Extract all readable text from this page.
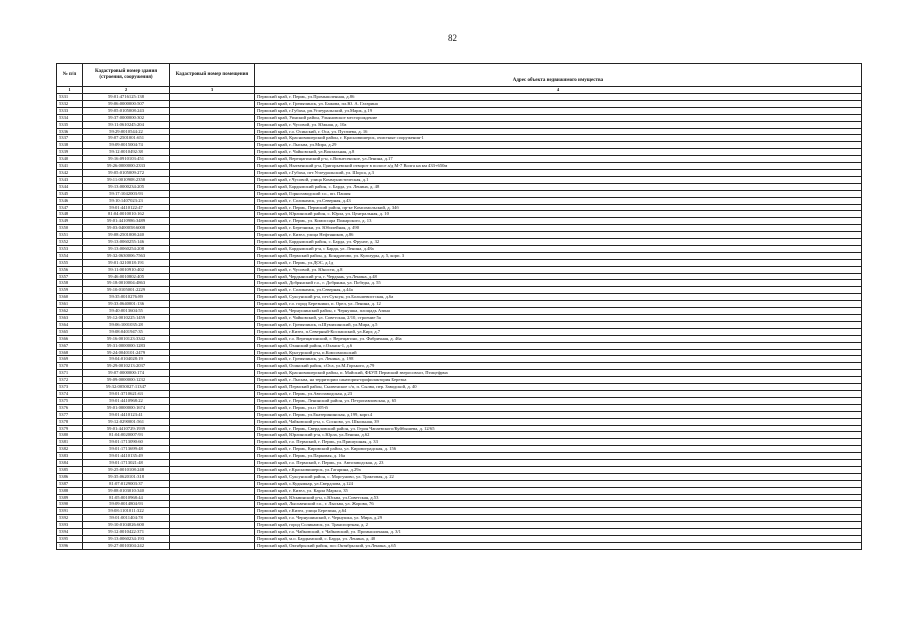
82
№ п/п	Кадастровый номер здания (строения, сооружения)	Кадастровый номер помещения	Адрес объекта недвижимого имущества
1	2	3	4
5331	59:01:4716125:138		Пермский край, г. Пермь, ул.Промышленная, д.86
5332	59:06:0000000:507		Пермский край, г. Гремячинск, ул. Бажова, пл.Ю. А. Гагарина
5333	59:05:0105008:243		Пермский край, г.Губаха, рп.Углеуральский, ул.Марж, д.19
5334	59:37:0000000:302		Пермский край, Уинский район, Ульяновское месторождение
5335	59:11:0610245:204		Пермский край, г. Чусовой, ул. Южная, д. 10а
5336	59:29:0010544:22		Пермский край, г.о. Осинский, г. Оса, ул. Пугачева, д. 16
5337	59:07:2501001:651		Пермский край, Красновишерский район, г. Красновишерск, очистные сооружения-1
5338	59:09:0015004:74		Пермский край, г. Лысьва, ул.Мира, д.29
5339	59:12:0010492:38		Пермский край, г. Чайковский, ул.Вокзальная, д.8
5340	59:16:0910103:451		Пермский край, Верещагинский р-н, с.Вознесенское, ул.Ленина, д.17
5341	59:26:0000000:2333		Пермский край, Нытвенский р-н, Григорьевский отворот в полосе а/д М-7 Волга на км 433+650м
5342	59:05:0105009:272		Пермский край, г.Губаха, пгт.Углеуральский, ул. Шорса, д.3
5343	59:11:0010908:2358		Пермский край, г.Чусовой, улица Коммунистическая, д.1
5344	59:13:0000234:205		Пермский край, Бардымский район, с. Барда, ул. Ленина, д. 48
5345	59:17:1042003:93		Пермский край, Горнозаводский г.о., пп. Пашия
5346	59:10:1407023:23		Пермский край, г. Соликамск, ул.Северная, д.43
5347	59:01:4410122:47		Пермский край, г. Пермь, Пермский район, пр-кт Комсомольский, д. 34б
5348	81:04:0010010:162		Пермский край, Юрлинский район, с. Юрла, ул. Центральная, д. 10
5349	59:01:4410986:3489		Пермский край, г. Пермь, ул. Комиссара Пожарского, д. 13
5350	59:03:0400058:6008		Пермский край, г. Березники, ул. Юбилейная, д. 490
5351	59:08:2501008:240		Пермский край, г. Кизел, улица Нефтяников, д.86
5352	59:13:0060255:146		Пермский край, Бардымский район, с. Барда, ул. Фрунзе, д. 32
5353	59:13:0060254:208		Пермский край, Бардымский р-н, с Барда, ул. Ленина, д.48а
5354	59:32:0630006:7563		Пермский край, Пермский район, д. Кондратово, ул. Культуры, д. 5, корп. 3
5355	59:01:3210018:191		Пермский край, г. Пермь, ул.ДОС, д.1д
5356	59:11:0010910:402		Пермский край, г. Чусовой, ул. Юности, д.8
5357	59:46:0010802:405		Пермский край, Чердынский р-н, г. Чердынь, ул.Ленина, д.48
5358	59:18:0010004:4863		Пермский край, Добрянский г.о., г. Добрянка, ул. Победы, д. 55
5359	59:10:0105001:2229		Пермский край, г. Соликамск, ул.Северная, д.44а
5360	59:35:0010276:89		Пермский край, Суксунский р-н, пгт.Суксун, ул.Большевистская, д.6а
5361	59:33:0640001:136		Пермский край, г.о. город Березники, п. Орел, ул. Ленина, д. 12
5362	59:40:0013604:55		Пермский край, Чернушинский район, г. Чернушка, площадь Азина
5363	59:12:0010225:1459		Пермский край, г. Чайковский, ул. Советская, 2/10, строение 5а
5364	59:06:1001035:28		Пермский край, г. Гремячинск, п.Шумихинский, ул.Мира, д.5
5365	59:08:0401947:35		Пермский край, г.Кизел, п.Северный-Коспашский, ул.Кирг, д.7
5366	59:16:0010123:3342		Пермский край, г.о. Верещагинский, г. Верещагино, ул. Фабричная, д. 46а
5367	59:31:0000000:1283		Пермский край, Оханский район, г.Оханск-1, д.6
5368	59:24:0040101:2479		Пермский край, Кунгурский р-н, п.Комсомольский
5369	59:04:0104028:19		Пермский край, г. Гремячинск, ул. Ленина, д. 198
5370	59:29:0010213:2037		Пермский край, Осинский район, г.Оса, ул.М.Горького, д.79
5371	59:07:0000000:174		Пермский край, Красновишерский район, п. Майский, ФБУП Пермский зверосовхоз, Птицефрма
5372	59:09:0000000:1232		Пермский край, г. Лысьва, на территории санатория-профилактория Березка
5373	59:32:0050027:11347		Пермский край, Пермский район, Сылвенское с/п, п. Сылва, пер. Заводской, д. 40
5374	59:01:3710621:63		Пермский край, г. Пермь, ул.Автозаводская, д.23
5375	59:01:4410968:22		Пермский край, г. Пермь, Ленинский район, ул. Петропавловская, д. 65
5376	59:01:0000000:1674		Пермский край, г. Пермь, ул.п 105-й
5377	59:01:4410123:41		Пермский край, г. Пермь, ул.Екатерининская, д.199, корп.4
5378	59:12:0290001:561		Пермский край, Чайковский р-н, с. Сосново, ул. Школьная, 39
5379	59:01:4410729:1939		Пермский край, г. Пермь, Свердловский район, ул. Героя Чапаевского/Куйбышева, д. 12/65
5380	81:04:0020007:93		Пермский край, Юрлинский р-н, с.Юрла, ул.Ленина, д.62
5381	59:01:1713090:60		Пермский край, г.о. Пермский, г. Пермь, ул.Пришушная, д. 33
5382	59:01:1713699:48		Пермский край, г. Пермь, Кировский район, ул. Кировоградская, д. 156
5383	59:01:4410135:49		Пермский край, г. Пермь, ул.Парковая, д. 16а
5384	59:01:1713021:48		Пермский край, г.о. Пермский, г. Пермь, ул. Автозаводская, д. 23
5385	59:25:0010108:248		Пермский край, г.Красновишерск, ул.Гагарина, д.29а
5386	59:35:0620101:318		Пермский край, Суксунский район, с. Моргуново, ул. Трактовая, д. 22
5387	81:07:0129003:37		Пермский край, с.Кудымкар, ул.Свердлова, д.124
5388	59:08:0103010:340		Пермский край, г. Кизел, ул. Карла Маркса, 35
5389	81:05:0010968:44		Пермский край, Юсьвинский р-н, с.Юсьва, ул.Советская, д.53
5390	59:09:0014804:93		Пермский край, Лысьвенский г.о., г. Лысьва, ул. Жорова, 76
5391	59:08:1101011:322		Пермский край, г.Кизел, улица Березина, д.64
5392	59:01:0011404:78		Пермский край, г.о. Чернушинский, г. Чернушка, ул. Мира, д.29
5393	59:10:0104026:600		Пермский край, город Соликамск, ул. Транспортная, д. 2
5394	59:12:0010422:371		Пермский край, г.о. Чайковский, г. Чайковский, ул. Промышленная, д. 3/1
5395	59:13:0060234:193		Пермский край, м.о. Бардымский, с. Барда, ул. Ленина, д. 40
5396	59:27:0010304:242		Пермский край, Октябрьский район, пос.Октябрьский, ул.Ленина, д.65
